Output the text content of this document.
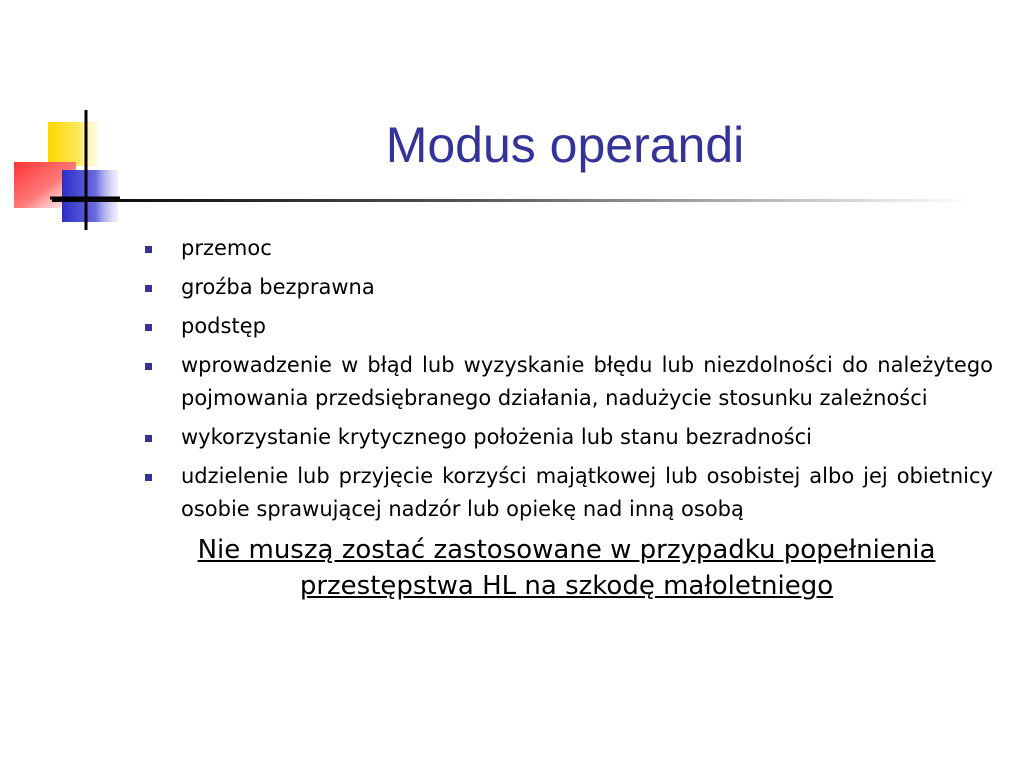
Modus operandi
przemoc
groźba bezprawna
podstęp
wprowadzenie w błąd lub wyzyskanie błędu lub niezdolności do należytego pojmowania przedsiębranego działania, nadużycie stosunku zależności
wykorzystanie krytycznego położenia lub stanu bezradności
udzielenie lub przyjęcie korzyści majątkowej lub osobistej albo jej obietnicy osobie sprawującej nadzór lub opiekę nad inną osobą
Nie muszą zostać zastosowane w przypadku popełnienia
przestępstwa HL na szkodę małoletniego
